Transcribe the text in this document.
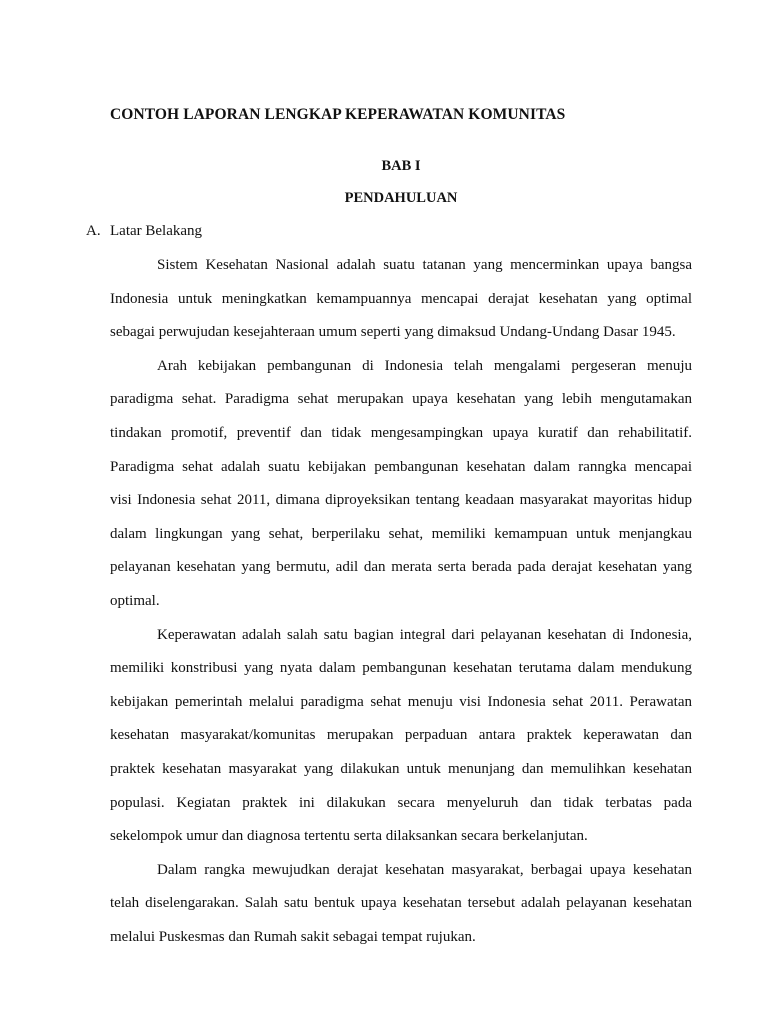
CONTOH LAPORAN LENGKAP KEPERAWATAN KOMUNITAS
BAB I
PENDAHULUAN
A. Latar Belakang
Sistem Kesehatan Nasional adalah suatu tatanan yang mencerminkan upaya bangsa
Indonesia untuk meningkatkan kemampuannya mencapai derajat kesehatan yang optimal
sebagai perwujudan kesejahteraan umum seperti yang dimaksud Undang-Undang Dasar 1945.
Arah kebijakan pembangunan di Indonesia telah mengalami pergeseran menuju
paradigma sehat. Paradigma sehat merupakan upaya kesehatan yang lebih mengutamakan
tindakan promotif, preventif dan tidak mengesampingkan upaya kuratif dan rehabilitatif.
Paradigma sehat adalah suatu kebijakan pembangunan kesehatan dalam ranngka mencapai
visi Indonesia sehat 2011, dimana diproyeksikan tentang keadaan masyarakat mayoritas hidup
dalam lingkungan yang sehat, berperilaku sehat, memiliki kemampuan untuk menjangkau
pelayanan kesehatan yang bermutu, adil dan merata serta berada pada derajat kesehatan yang
optimal.
Keperawatan adalah salah satu bagian integral dari pelayanan kesehatan di Indonesia,
memiliki konstribusi yang nyata dalam pembangunan kesehatan terutama dalam mendukung
kebijakan pemerintah melalui paradigma sehat menuju visi Indonesia sehat 2011. Perawatan
kesehatan masyarakat/komunitas merupakan perpaduan antara praktek keperawatan dan
praktek kesehatan masyarakat yang dilakukan untuk menunjang dan memulihkan kesehatan
populasi. Kegiatan praktek ini dilakukan secara menyeluruh dan tidak terbatas pada
sekelompok umur dan diagnosa tertentu serta dilaksankan secara berkelanjutan.
Dalam rangka mewujudkan derajat kesehatan masyarakat, berbagai upaya kesehatan
telah diselengarakan. Salah satu bentuk upaya kesehatan tersebut adalah pelayanan kesehatan
melalui Puskesmas dan Rumah sakit sebagai tempat rujukan.
